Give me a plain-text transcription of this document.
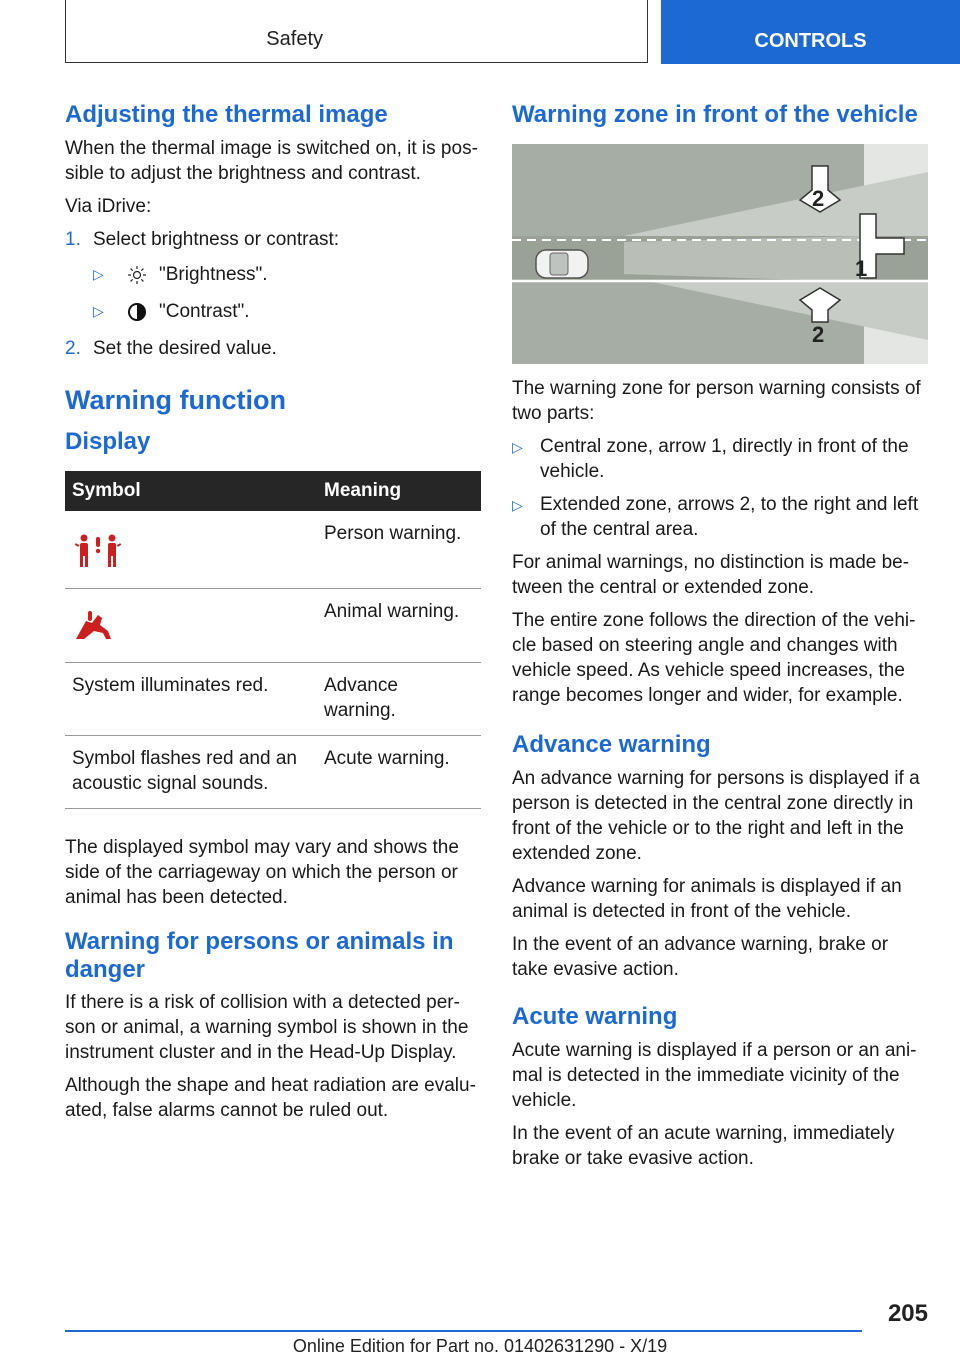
Safety	CONTROLS
Adjusting the thermal image

When the thermal image is switched on, it is pos-sible to adjust the brightness and contrast.

Via iDrive:

1. Select brightness or contrast:
▷	"Brightness".
▷	"Contrast".
2. Set the desired value.
Warning function
Display
Symbol	Meaning
	Person warning.
	Animal warning.
System illuminates red.	Advance warning.
Symbol flashes red and an acoustic signal sounds.	Acute warning.

The displayed symbol may vary and shows the side of the carriageway on which the person or animal has been detected.

Warning for persons or animals in danger

If there is a risk of collision with a detected per-son or animal, a warning symbol is shown in the instrument cluster and in the Head-Up Display.

Although the shape and heat radiation are evalu-ated, false alarms cannot be ruled out.

Warning zone in front of the vehicle
1
2
2

The warning zone for person warning consists of two parts:

▷ Central zone, arrow 1, directly in front of the vehicle.
▷ Extended zone, arrows 2, to the right and left of the central area.

For animal warnings, no distinction is made be-tween the central or extended zone.

The entire zone follows the direction of the vehi-cle based on steering angle and changes with vehicle speed. As vehicle speed increases, the range becomes longer and wider, for example.

Advance warning

An advance warning for persons is displayed if a person is detected in the central zone directly in front of the vehicle or to the right and left in the extended zone.

Advance warning for animals is displayed if an animal is detected in front of the vehicle.

In the event of an advance warning, brake or take evasive action.

Acute warning

Acute warning is displayed if a person or an ani-mal is detected in the immediate vicinity of the vehicle.

In the event of an acute warning, immediately brake or take evasive action.

205
Online Edition for Part no. 01402631290 - X/19
